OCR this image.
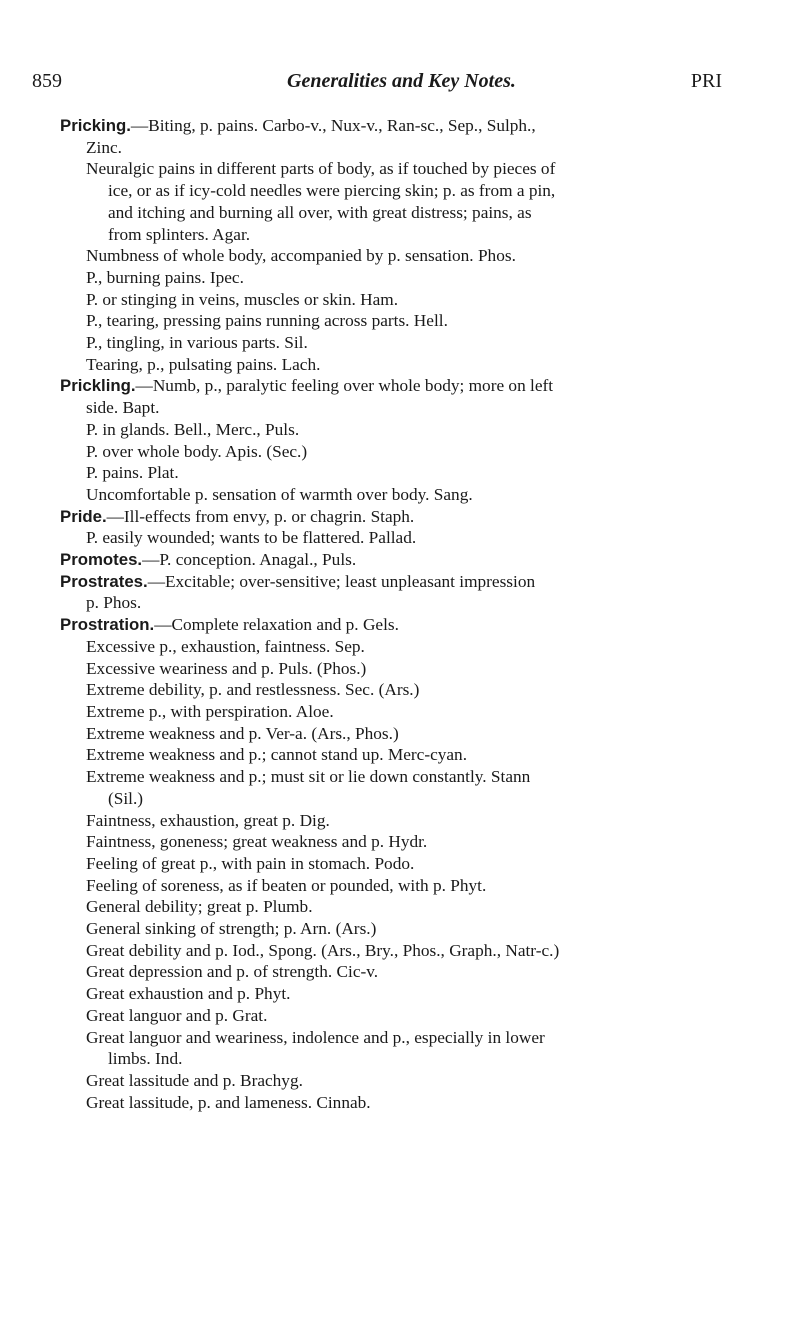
859	Generalities and Key Notes.	PRI
Pricking.—Biting, p. pains. Carbo-v., Nux-v., Ran-sc., Sep., Sulph.,
Zinc.
Neuralgic pains in different parts of body, as if touched by pieces of
ice, or as if icy-cold needles were piercing skin; p. as from a pin,
and itching and burning all over, with great distress; pains, as
from splinters. Agar.
Numbness of whole body, accompanied by p. sensation. Phos.
P., burning pains. Ipec.
P. or stinging in veins, muscles or skin. Ham.
P., tearing, pressing pains running across parts. Hell.
P., tingling, in various parts. Sil.
Tearing, p., pulsating pains. Lach.
Prickling.—Numb, p., paralytic feeling over whole body; more on left
side. Bapt.
P. in glands. Bell., Merc., Puls.
P. over whole body. Apis. (Sec.)
P. pains. Plat.
Uncomfortable p. sensation of warmth over body. Sang.
Pride.—Ill-effects from envy, p. or chagrin. Staph.
P. easily wounded; wants to be flattered. Pallad.
Promotes.—P. conception. Anagal., Puls.
Prostrates.—Excitable; over-sensitive; least unpleasant impression
p. Phos.
Prostration.—Complete relaxation and p. Gels.
Excessive p., exhaustion, faintness. Sep.
Excessive weariness and p. Puls. (Phos.)
Extreme debility, p. and restlessness. Sec. (Ars.)
Extreme p., with perspiration. Aloe.
Extreme weakness and p. Ver-a. (Ars., Phos.)
Extreme weakness and p.; cannot stand up. Merc-cyan.
Extreme weakness and p.; must sit or lie down constantly. Stann
(Sil.)
Faintness, exhaustion, great p. Dig.
Faintness, goneness; great weakness and p. Hydr.
Feeling of great p., with pain in stomach. Podo.
Feeling of soreness, as if beaten or pounded, with p. Phyt.
General debility; great p. Plumb.
General sinking of strength; p. Arn. (Ars.)
Great debility and p. Iod., Spong. (Ars., Bry., Phos., Graph., Natr-c.)
Great depression and p. of strength. Cic-v.
Great exhaustion and p. Phyt.
Great languor and p. Grat.
Great languor and weariness, indolence and p., especially in lower
limbs. Ind.
Great lassitude and p. Brachyg.
Great lassitude, p. and lameness. Cinnab.
